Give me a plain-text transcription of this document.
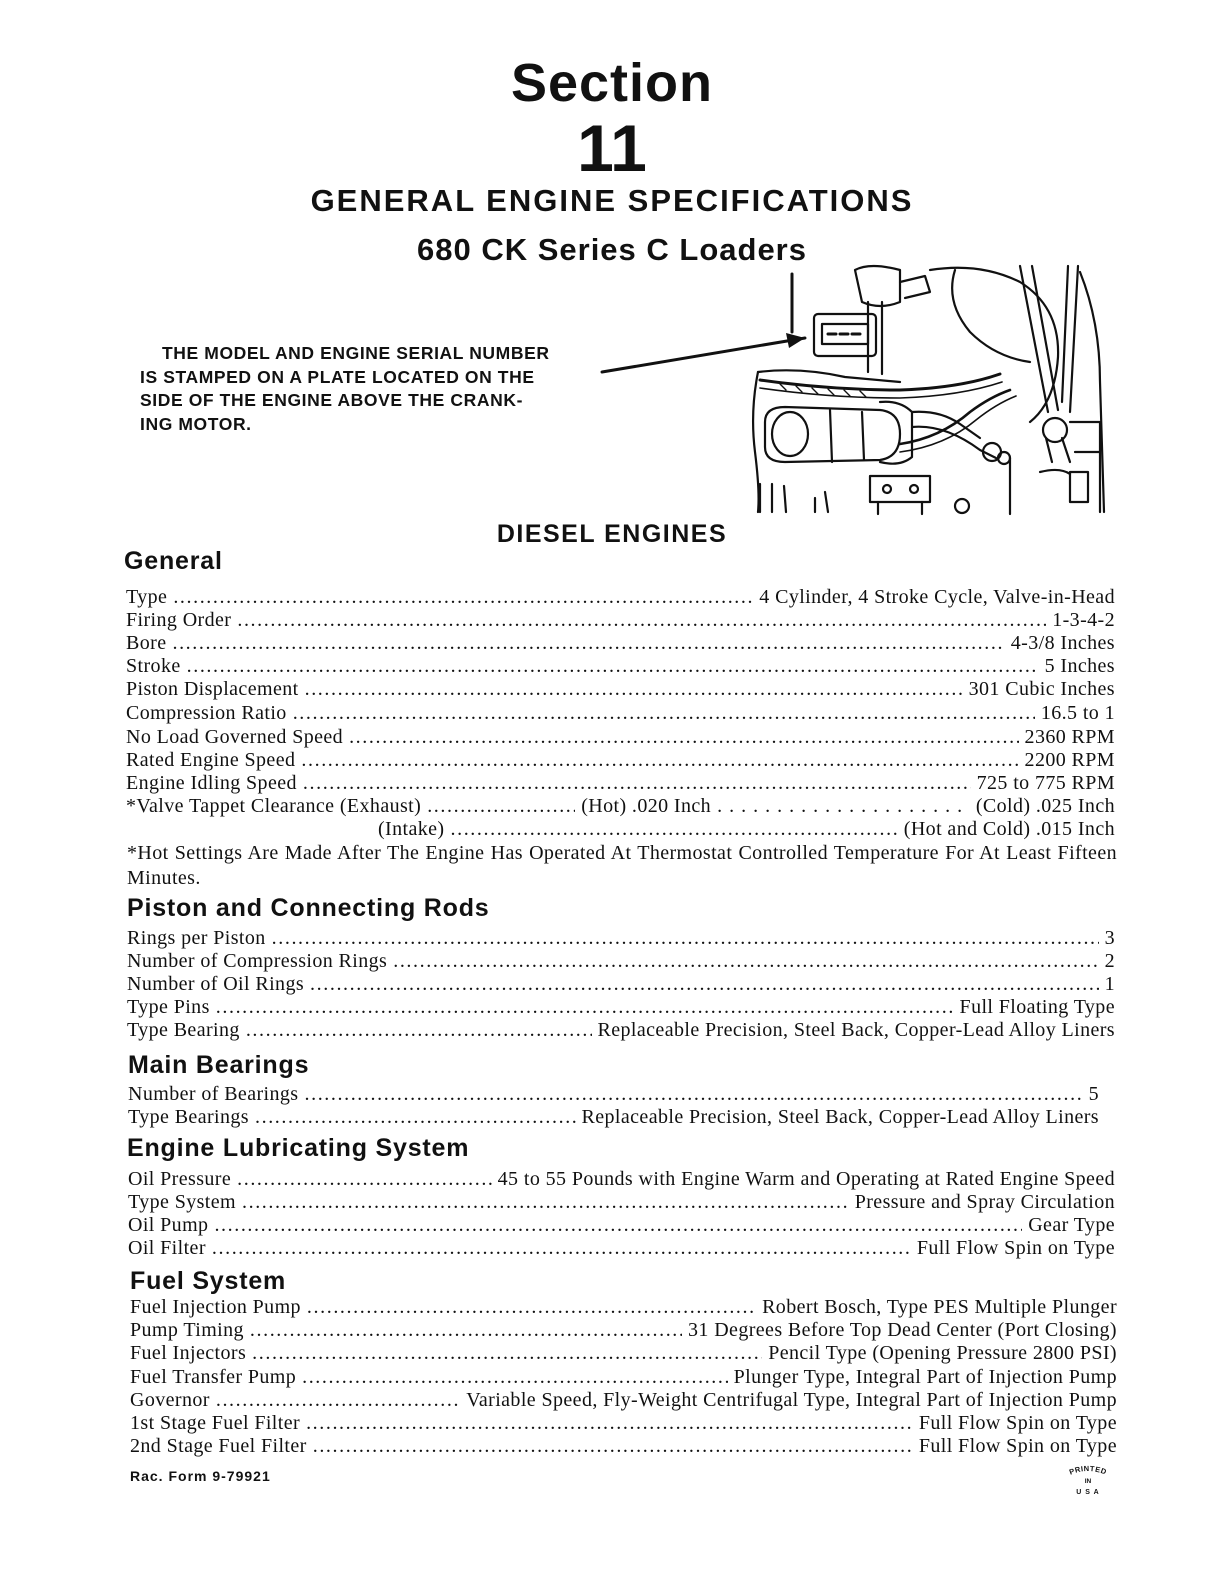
Section
11
GENERAL ENGINE SPECIFICATIONS
680 CK Series C Loaders
THE MODEL AND ENGINE SERIAL NUMBER
IS STAMPED ON A PLATE LOCATED ON THE
SIDE OF THE ENGINE ABOVE THE CRANK-
ING MOTOR.
DIESEL ENGINES
General
Type .....	4 Cylinder, 4 Stroke Cycle, Valve-in-Head
Firing Order .....	1-3-4-2
Bore .....	4-3/8 Inches
Stroke .....	5 Inches
Piston Displacement .....	301 Cubic Inches
Compression Ratio .....	16.5 to 1
No Load Governed Speed .....	2360 RPM
Rated Engine Speed .....	2200 RPM
Engine Idling Speed .....	725 to 775 RPM
*Valve Tappet Clearance (Exhaust) .....	(Hot) .020 Inch . . .	(Cold) .025 Inch
(Intake) .....	(Hot and Cold) .015 Inch
*Hot Settings Are Made After The Engine Has Operated At Thermostat Controlled Temperature For At Least Fifteen Minutes.
Piston and Connecting Rods
Rings per Piston .....	3
Number of Compression Rings .....	2
Number of Oil Rings .....	1
Type Pins .....	Full Floating Type
Type Bearing .....	Replaceable Precision, Steel Back, Copper-Lead Alloy Liners
Main Bearings
Number of Bearings .....	5
Type Bearings .....	Replaceable Precision, Steel Back, Copper-Lead Alloy Liners
Engine Lubricating System
Oil Pressure .....	45 to 55 Pounds with Engine Warm and Operating at Rated Engine Speed
Type System .....	Pressure and Spray Circulation
Oil Pump .....	Gear Type
Oil Filter .....	Full Flow Spin on Type
Fuel System
Fuel Injection Pump .....	Robert Bosch, Type PES Multiple Plunger
Pump Timing .....	31 Degrees Before Top Dead Center (Port Closing)
Fuel Injectors .....	Pencil Type (Opening Pressure 2800 PSI)
Fuel Transfer Pump .....	Plunger Type, Integral Part of Injection Pump
Governor .....	Variable Speed, Fly-Weight Centrifugal Type, Integral Part of Injection Pump
1st Stage Fuel Filter .....	Full Flow Spin on Type
2nd Stage Fuel Filter .....	Full Flow Spin on Type
Rac. Form 9-79921	PRINTED
IN
U S A
